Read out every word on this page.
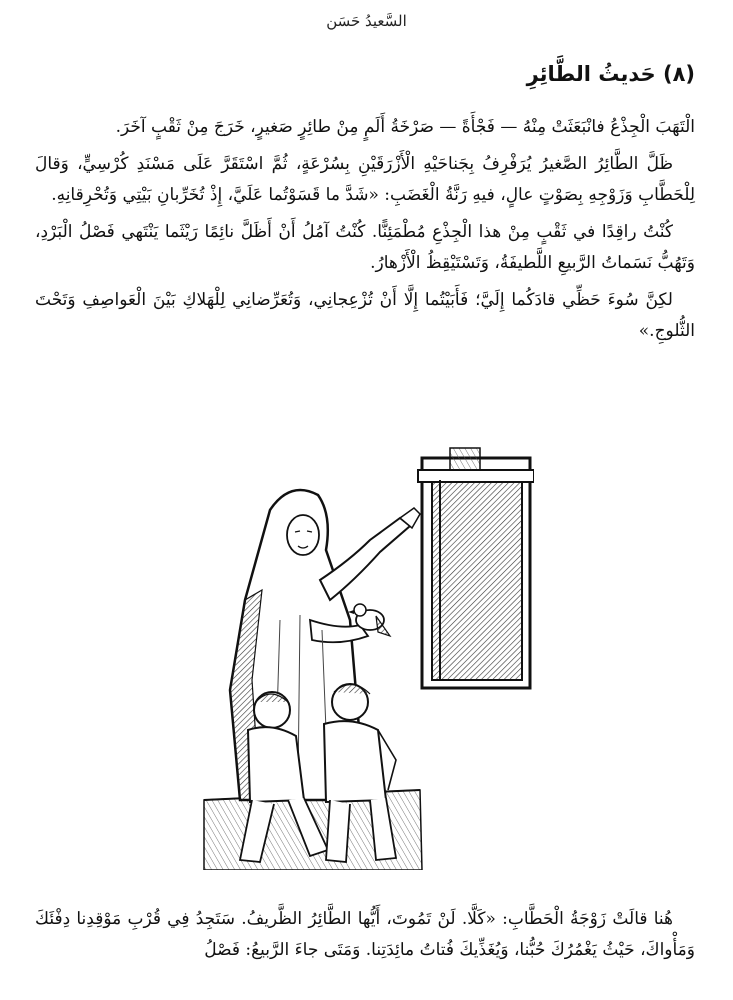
السَّعيدُ حَسَن
(٨) حَديثُ الطَّائِرِ

الْتَهَبَ الْجِذْعُ فانْبَعَثَتْ مِنْهُ — فَجْأَةً — صَرْخَةُ أَلَمٍ مِنْ طائِرٍ صَغيرٍ، خَرَجَ مِنْ ثَقْبٍ آخَرَ.

ظَلَّ الطَّائِرُ الصَّغيرُ يُرَفْرِفُ بِجَناحَيْهِ الْأَزْرَقَيْنِ بِسُرْعَةٍ، ثُمَّ اسْتَقَرَّ عَلَى مَسْنَدِ كُرْسِيٍّ، وَقالَ لِلْحَطَّابِ وَزَوْجِهِ بِصَوْتٍ عالٍ، فيهِ رَنَّةُ الْغَضَبِ: «شَدَّ ما قَسَوْتُما عَلَيَّ، إِذْ تُخَرِّبانِ بَيْتِي وَتُحْرِقانِهِ.

كُنْتُ راقِدًا في ثَقْبٍ مِنْ هذا الْجِذْعِ مُطْمَئِنًّا. كُنْتُ آمُلُ أَنْ أَظَلَّ نائِمًا رَيْثَما يَنْتَهي فَصْلُ الْبَرْدِ، وَتَهُبُّ نَسَماتُ الرَّبيعِ اللَّطيفَةُ، وَتَسْتَيْقِظُ الْأَزْهارُ.

لكِنَّ سُوءَ حَظِّي قادَكُما إِلَيَّ؛ فَأَبَيْتُما إِلَّا أَنْ تُزْعِجانِي، وَتُعَرِّضانِي لِلْهَلاكِ بَيْنَ الْعَواصِفِ وَتَحْتَ الثُّلوجِ.»

هُنا قالَتْ زَوْجَةُ الْحَطَّابِ: «كَلَّا. لَنْ تَمُوتَ، أَيُّها الطَّائِرُ الظَّريفُ. سَتَجِدُ فِي قُرْبِ مَوْقِدِنا دِفْئَكَ وَمَأْواكَ، حَيْثُ يَغْمُرُكَ حُبُّنا، وَيُغَذِّيكَ فُتاتُ مائِدَتِنا. وَمَتَى جاءَ الرَّبيعُ: فَصْلُ
